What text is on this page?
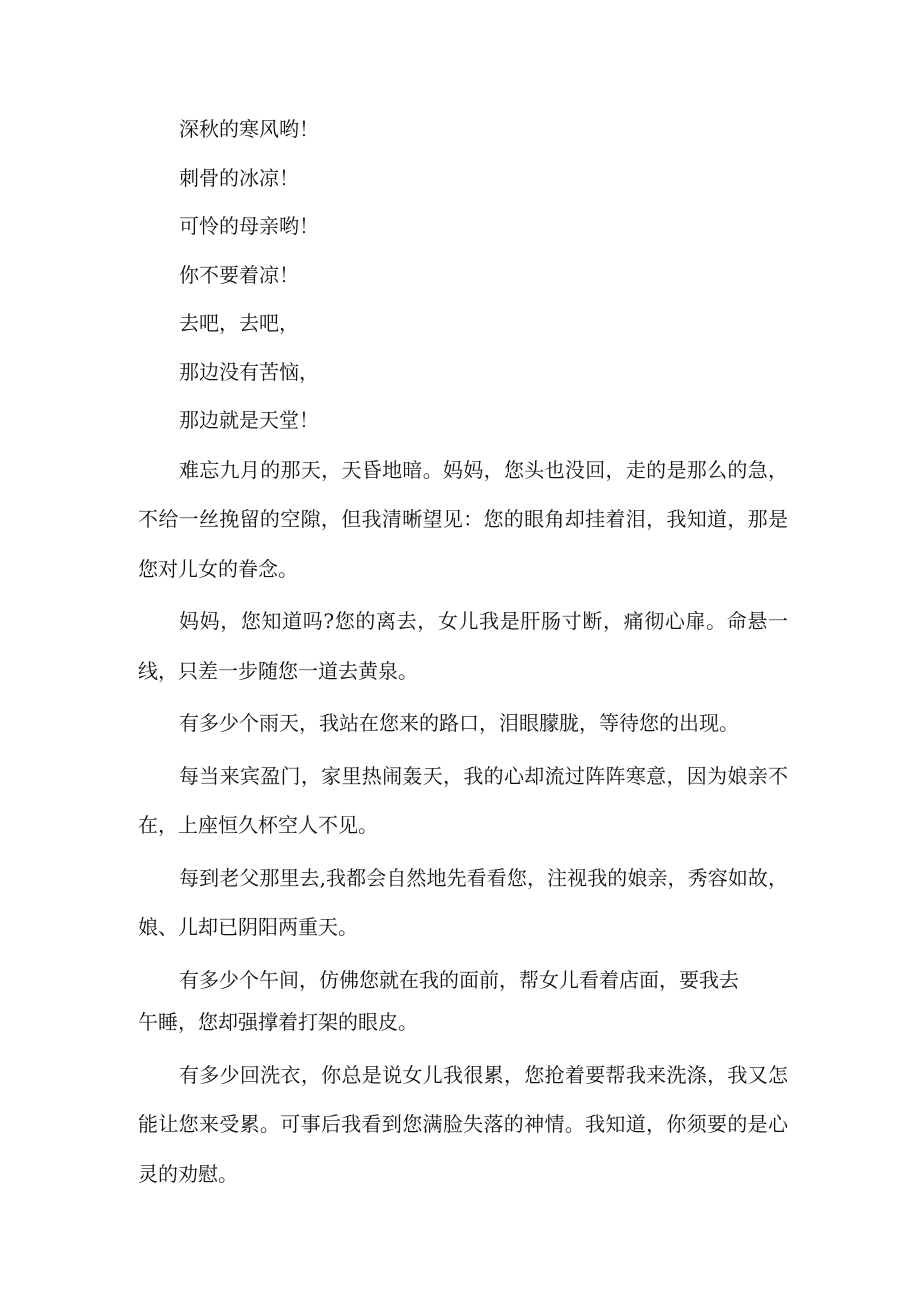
深秋的寒风哟！

刺骨的冰凉！

可怜的母亲哟！

你不要着凉！

去吧，去吧，

那边没有苦恼，

那边就是天堂！

难忘九月的那天，天昏地暗。妈妈，您头也没回，走的是那么的急，不给一丝挽留的空隙，但我清晰望见：您的眼角却挂着泪，我知道，那是您对儿女的眷念。

妈妈，您知道吗?您的离去，女儿我是肝肠寸断，痛彻心扉。命悬一线，只差一步随您一道去黄泉。

有多少个雨天，我站在您来的路口，泪眼朦胧，等待您的出现。

每当来宾盈门，家里热闹轰天，我的心却流过阵阵寒意，因为娘亲不在，上座恒久杯空人不见。

每到老父那里去,我都会自然地先看看您，注视我的娘亲，秀容如故，娘、儿却已阴阳两重天。

有多少个午间，仿佛您就在我的面前，帮女儿看着店面，要我去

午睡，您却强撑着打架的眼皮。

有多少回洗衣，你总是说女儿我很累，您抢着要帮我来洗涤，我又怎能让您来受累。可事后我看到您满脸失落的神情。我知道，你须要的是心灵的劝慰。
